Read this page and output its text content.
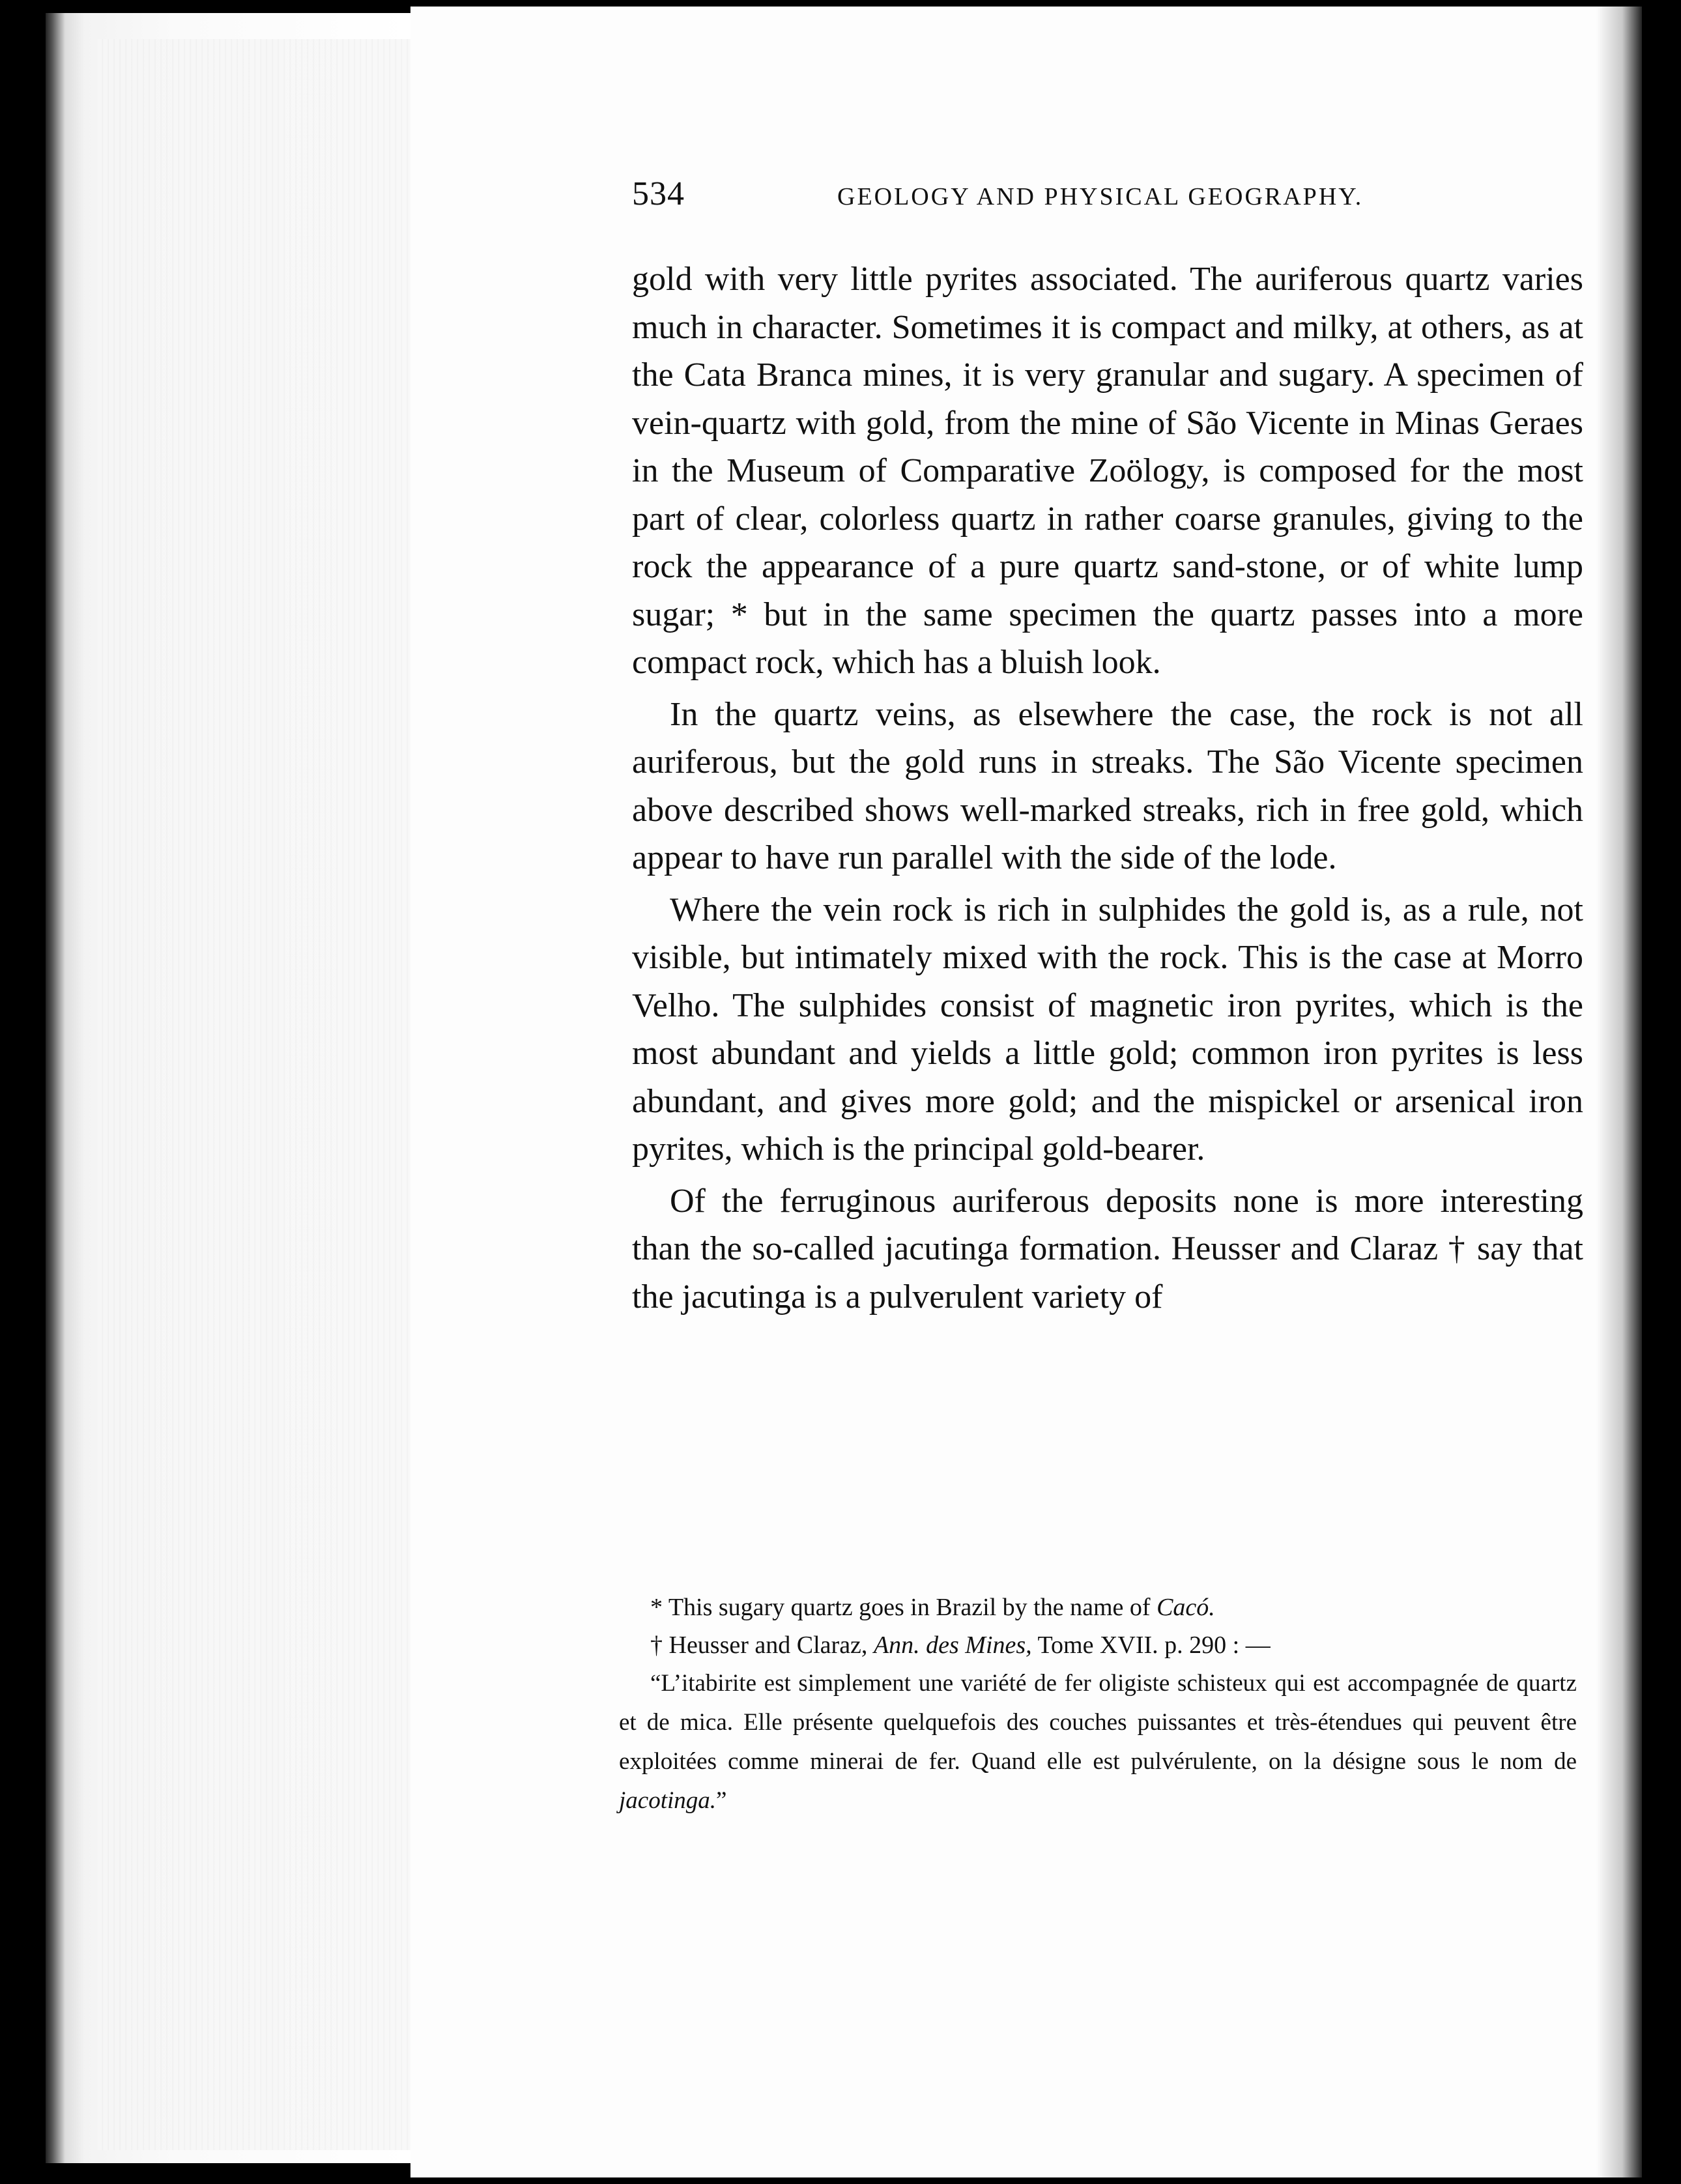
534	GEOLOGY AND PHYSICAL GEOGRAPHY.

gold with very little pyrites associated. The auriferous quartz varies much in character. Sometimes it is compact and milky, at others, as at the Cata Branca mines, it is very granular and sugary. A specimen of vein-quartz with gold, from the mine of São Vicente in Minas Geraes in the Museum of Comparative Zoölogy, is composed for the most part of clear, colorless quartz in rather coarse granules, giving to the rock the appearance of a pure quartz sand-stone, or of white lump sugar; * but in the same specimen the quartz passes into a more compact rock, which has a bluish look.

In the quartz veins, as elsewhere the case, the rock is not all auriferous, but the gold runs in streaks. The São Vicente specimen above described shows well-marked streaks, rich in free gold, which appear to have run parallel with the side of the lode.

Where the vein rock is rich in sulphides the gold is, as a rule, not visible, but intimately mixed with the rock. This is the case at Morro Velho. The sulphides consist of magnetic iron pyrites, which is the most abundant and yields a little gold; common iron pyrites is less abundant, and gives more gold; and the mispickel or arsenical iron pyrites, which is the principal gold-bearer.

Of the ferruginous auriferous deposits none is more interesting than the so-called jacutinga formation. Heusser and Claraz † say that the jacutinga is a pulverulent variety of

* This sugary quartz goes in Brazil by the name of Cacó.

† Heusser and Claraz, Ann. des Mines, Tome XVII. p. 290 : —

“L’itabirite est simplement une variété de fer oligiste schisteux qui est accompagnée de quartz et de mica. Elle présente quelquefois des couches puissantes et très-étendues qui peuvent être exploitées comme minerai de fer. Quand elle est pulvérulente, on la désigne sous le nom de jacotinga.”
